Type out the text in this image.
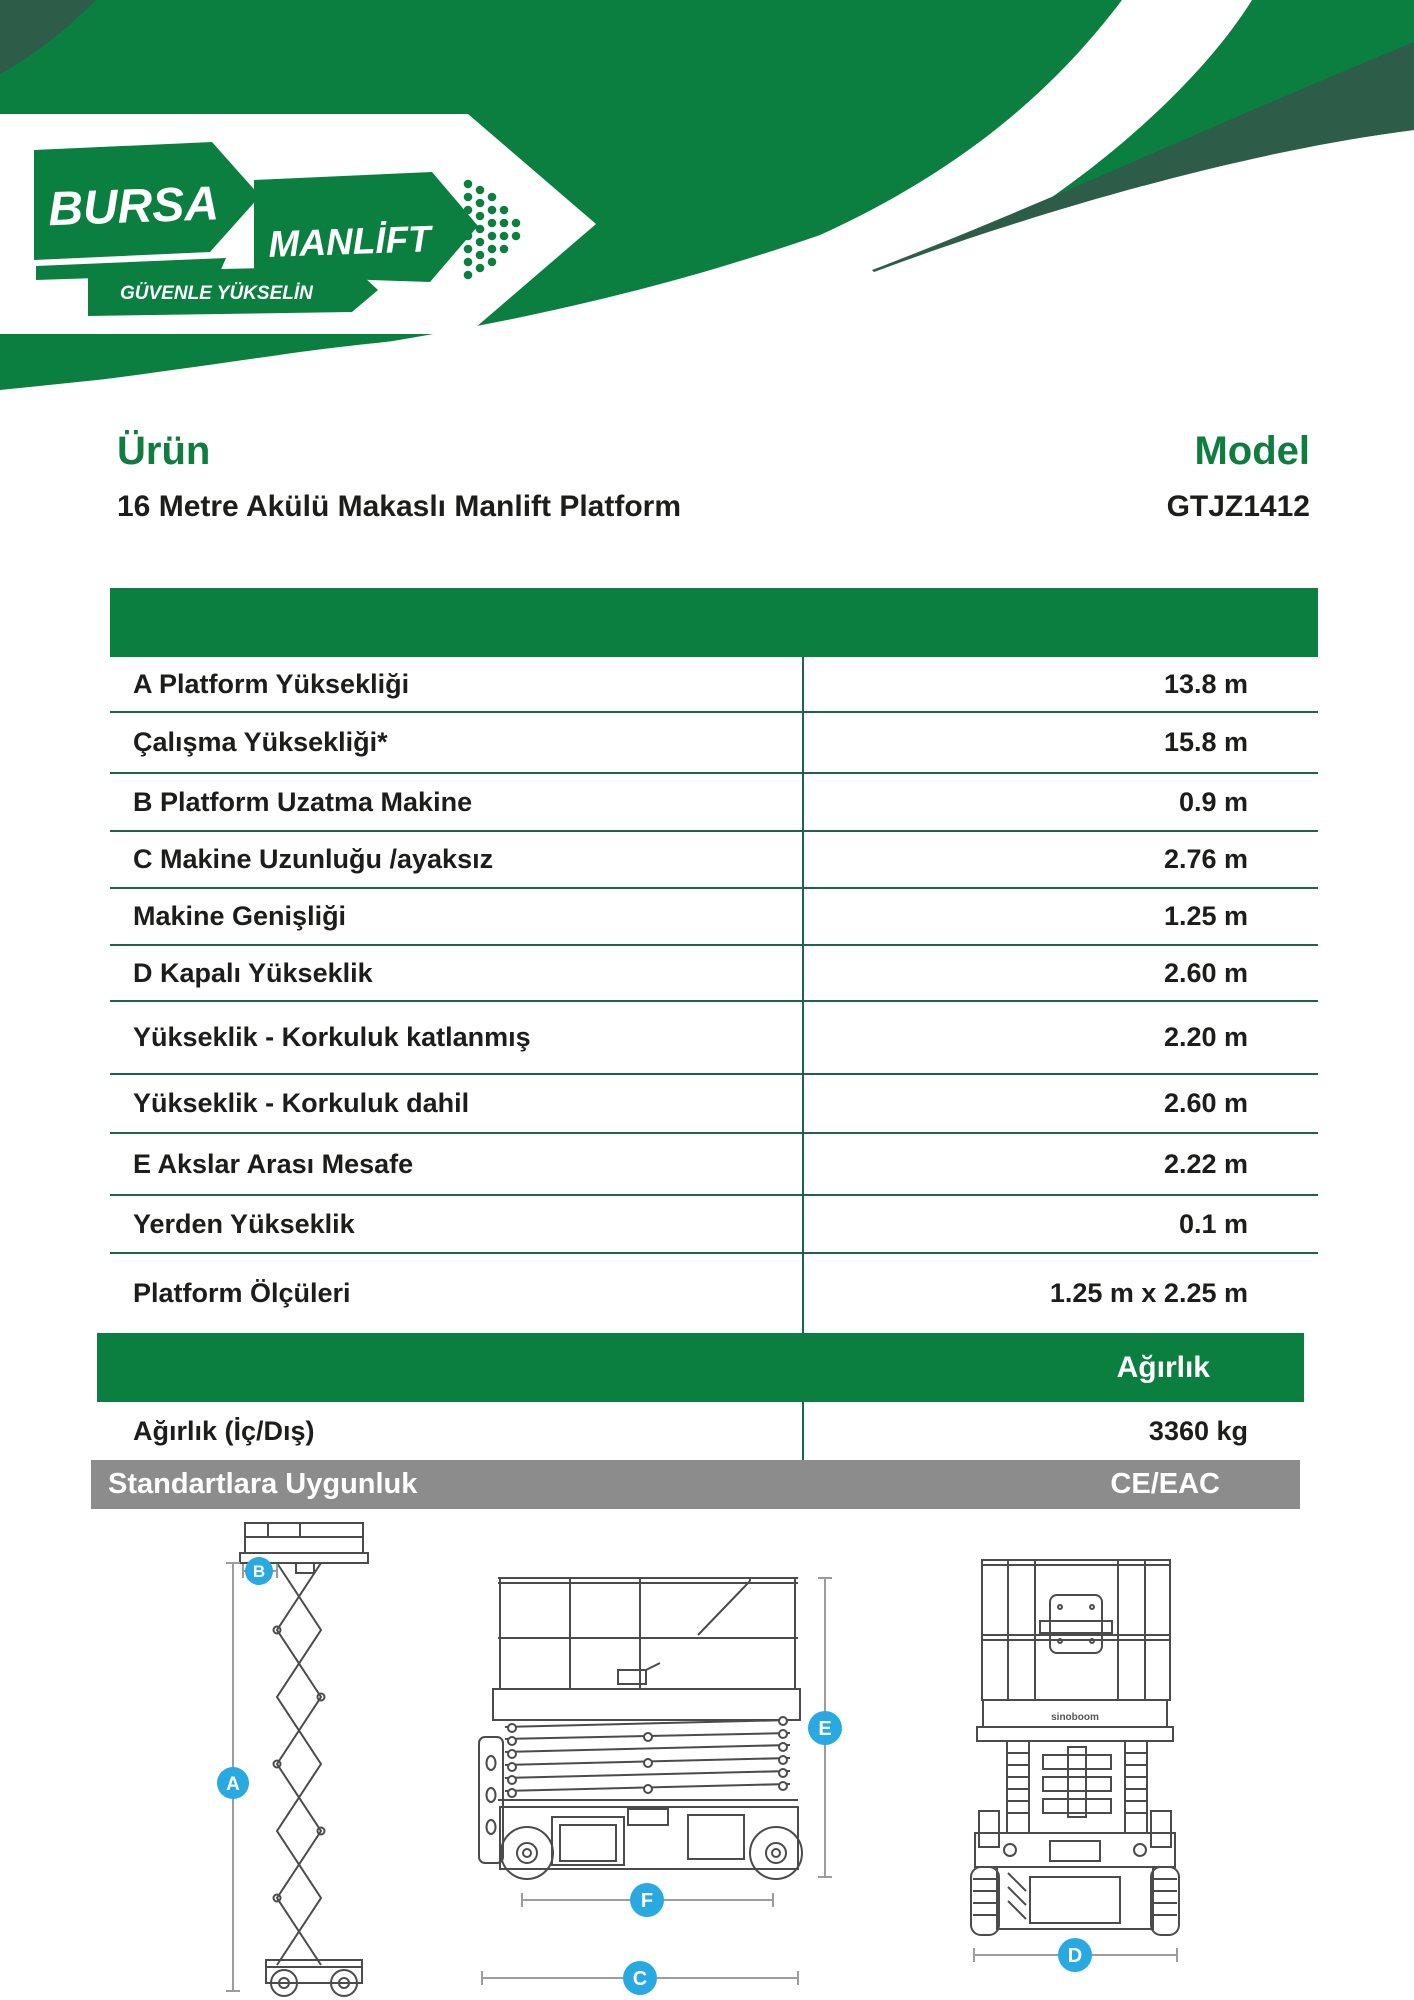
BURSA
MANLİFT
GÜVENLE YÜKSELİN
Ürün
16 Metre Akülü Makaslı Manlift Platform
Model
GTJZ1412
A Platform Yüksekliği	13.8 m
Çalışma Yüksekliği*	15.8 m
B Platform Uzatma Makine	0.9 m
C Makine Uzunluğu /ayaksız	2.76 m
Makine Genişliği	1.25 m
D Kapalı Yükseklik	2.60 m
Yükseklik - Korkuluk katlanmış	2.20 m
Yükseklik - Korkuluk dahil	2.60 m
E Akslar Arası Mesafe	2.22 m
Yerden Yükseklik	0.1 m
Platform Ölçüleri	1.25 m x 2.25 m
Ağırlık
Ağırlık (İç/Dış)	3360 kg
Standartlara Uygunluk	CE/EAC
sinoboom
A
B
E
F
C
D
